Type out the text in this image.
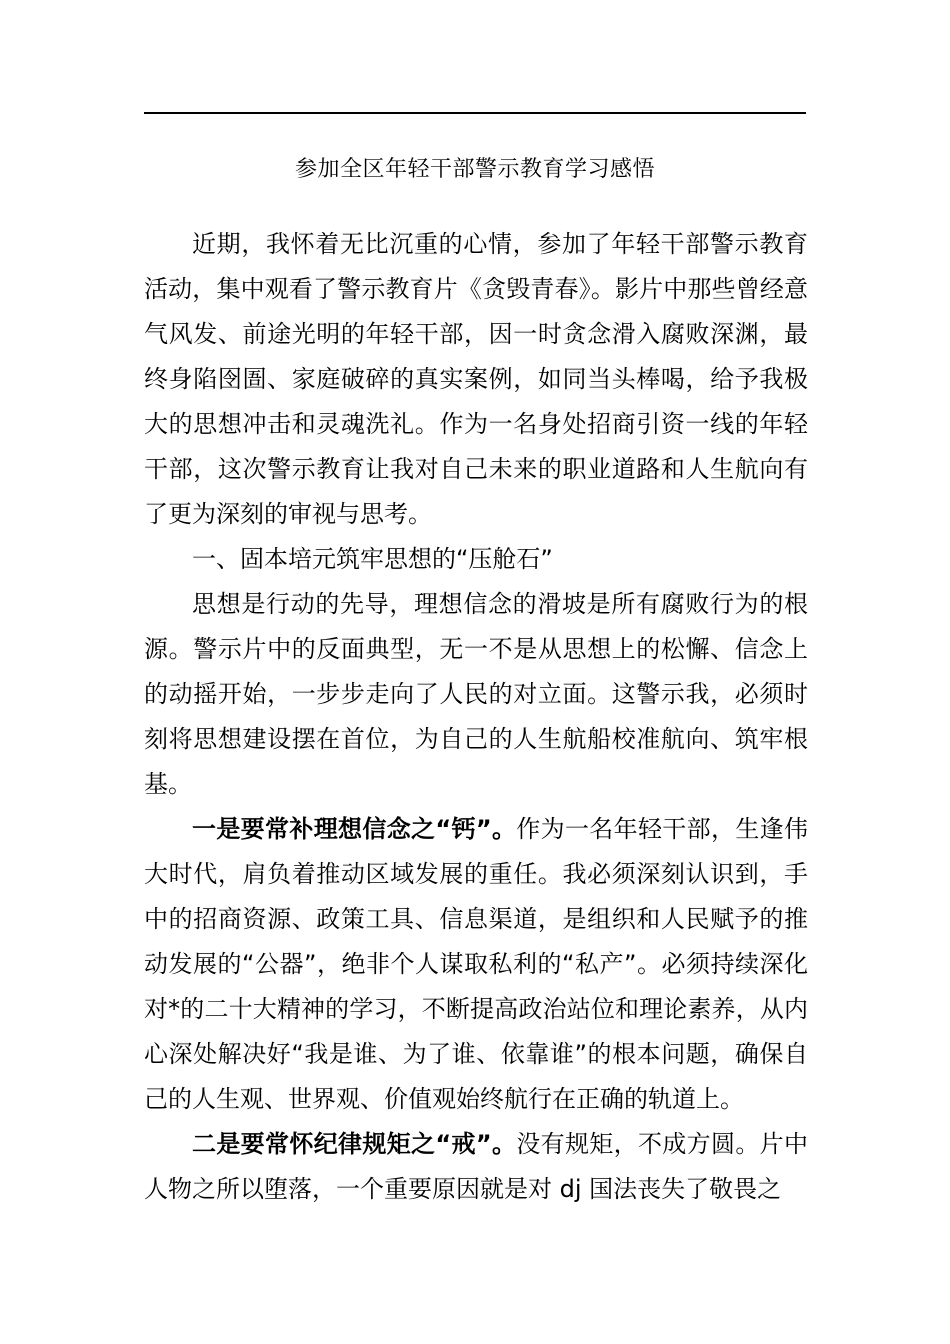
参加全区年轻干部警示教育学习感悟

近期，我怀着无比沉重的心情，参加了年轻干部警示教育活动，集中观看了警示教育片《贪毁青春》。影片中那些曾经意气风发、前途光明的年轻干部，因一时贪念滑入腐败深渊，最终身陷囹圄、家庭破碎的真实案例，如同当头棒喝，给予我极大的思想冲击和灵魂洗礼。作为一名身处招商引资一线的年轻干部，这次警示教育让我对自己未来的职业道路和人生航向有了更为深刻的审视与思考。

一、固本培元筑牢思想的“压舱石”

思想是行动的先导，理想信念的滑坡是所有腐败行为的根源。警示片中的反面典型，无一不是从思想上的松懈、信念上的动摇开始，一步步走向了人民的对立面。这警示我，必须时刻将思想建设摆在首位，为自己的人生航船校准航向、筑牢根基。

一是要常补理想信念之“钙”。作为一名年轻干部，生逢伟大时代，肩负着推动区域发展的重任。我必须深刻认识到，手中的招商资源、政策工具、信息渠道，是组织和人民赋予的推动发展的“公器”，绝非个人谋取私利的“私产”。必须持续深化对*的二十大精神的学习，不断提高政治站位和理论素养，从内心深处解决好“我是谁、为了谁、依靠谁”的根本问题，确保自己的人生观、世界观、价值观始终航行在正确的轨道上。

二是要常怀纪律规矩之“戒”。没有规矩，不成方圆。片中人物之所以堕落，一个重要原因就是对 dj 国法丧失了敬畏之
